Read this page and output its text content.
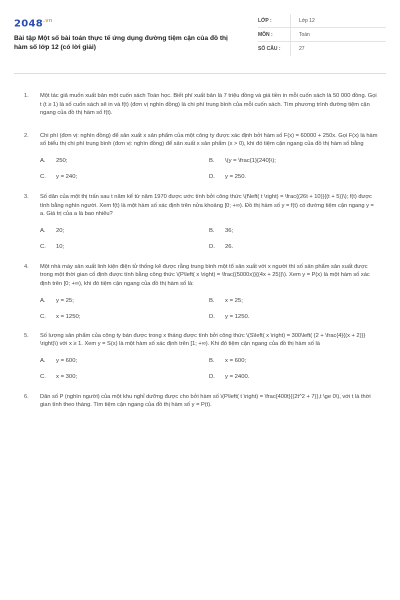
$2048^{.vn}$
Bài tập Một số bài toán thực tế ứng dụng đường tiệm cận của đồ thị hàm số lớp 12 (có lời giải)
LỚP :	Lớp 12
MÔN :	Toán
SỐ CÂU :	27
1.	Một tác giả muốn xuất bản một cuốn sách Toán học. Biết phí xuất bản là 7 triệu đồng và giá tiền in mỗi cuốn sách là 50 000 đồng. Gọi t (t ≥ 1) là số cuốn sách sẽ in và f(t) (đơn vị nghìn đồng) là chi phí trung bình của mỗi cuốn sách. Tìm phương trình đường tiệm cận ngang của đồ thị hàm số f(t).
2.	Chi phí (đơn vị: nghìn đồng) để sản xuất x sản phẩm của một công ty được xác định bởi hàm số F(x) = 60000 + 250x. Gọi F(x) là hàm số biểu thị chi phí trung bình (đơn vị: nghìn đồng) để sản xuất x sản phẩm (x > 0), khi đó tiệm cận ngang của đồ thị hàm số bằng
A.	250;	B.	\(y = \frac{1}{240}\);
C.	y = 240;	D.	y = 250.
3.	Số dân của một thị trấn sau t năm kể từ năm 1970 được ước tính bởi công thức \(f\left( t \right) = \frac{(26t + 10)}{(t + 5)}\); f(t) được tính bằng nghìn người. Xem f(t) là một hàm số xác định trên nửa khoảng [0; +∞). Đồ thị hàm số y = f(t) có đường tiệm cận ngang y = a. Giá trị của a là bao nhiêu?
A.	20;	B.	36;
C.	10;	D.	26.
4.	Một nhà máy sản xuất linh kiện điện tử thống kê được rằng trung bình một tổ sản xuất với x người thì số sản phẩm sản xuất được trong một thời gian cố định được tính bằng công thức \(P\left( x \right) = \frac{(5000x)}{(4x + 25)}\). Xem y = P(x) là một hàm số xác định trên [0; +∞), khi đó tiệm cận ngang của đồ thị hàm số là:
A.	y = 25;	B.	x = 25;
C.	x = 1250;	D.	y = 1250.
5.	Số lượng sản phẩm của công ty bán được trong x tháng được tính bởi công thức \(S\left( x \right) = 300\left( {2 + \frac{4}{(x + 2)}} \right)\) với x ≥ 1. Xem y = S(x) là một hàm số xác định trên [1; +∞). Khi đó tiệm cận ngang của đồ thị hàm số là
A.	y = 600;	B.	x = 600;
C.	x = 300;	D.	y = 2400.
6.	Dân số P (nghìn người) của một khu nghỉ dưỡng được cho bởi hàm số \(P\left( t \right) = \frac{400t}{(2t^2 + 7)},t \ge 0\), với t là thời gian tính theo tháng. Tìm tiệm cận ngang của đồ thị hàm số y = P(t).
